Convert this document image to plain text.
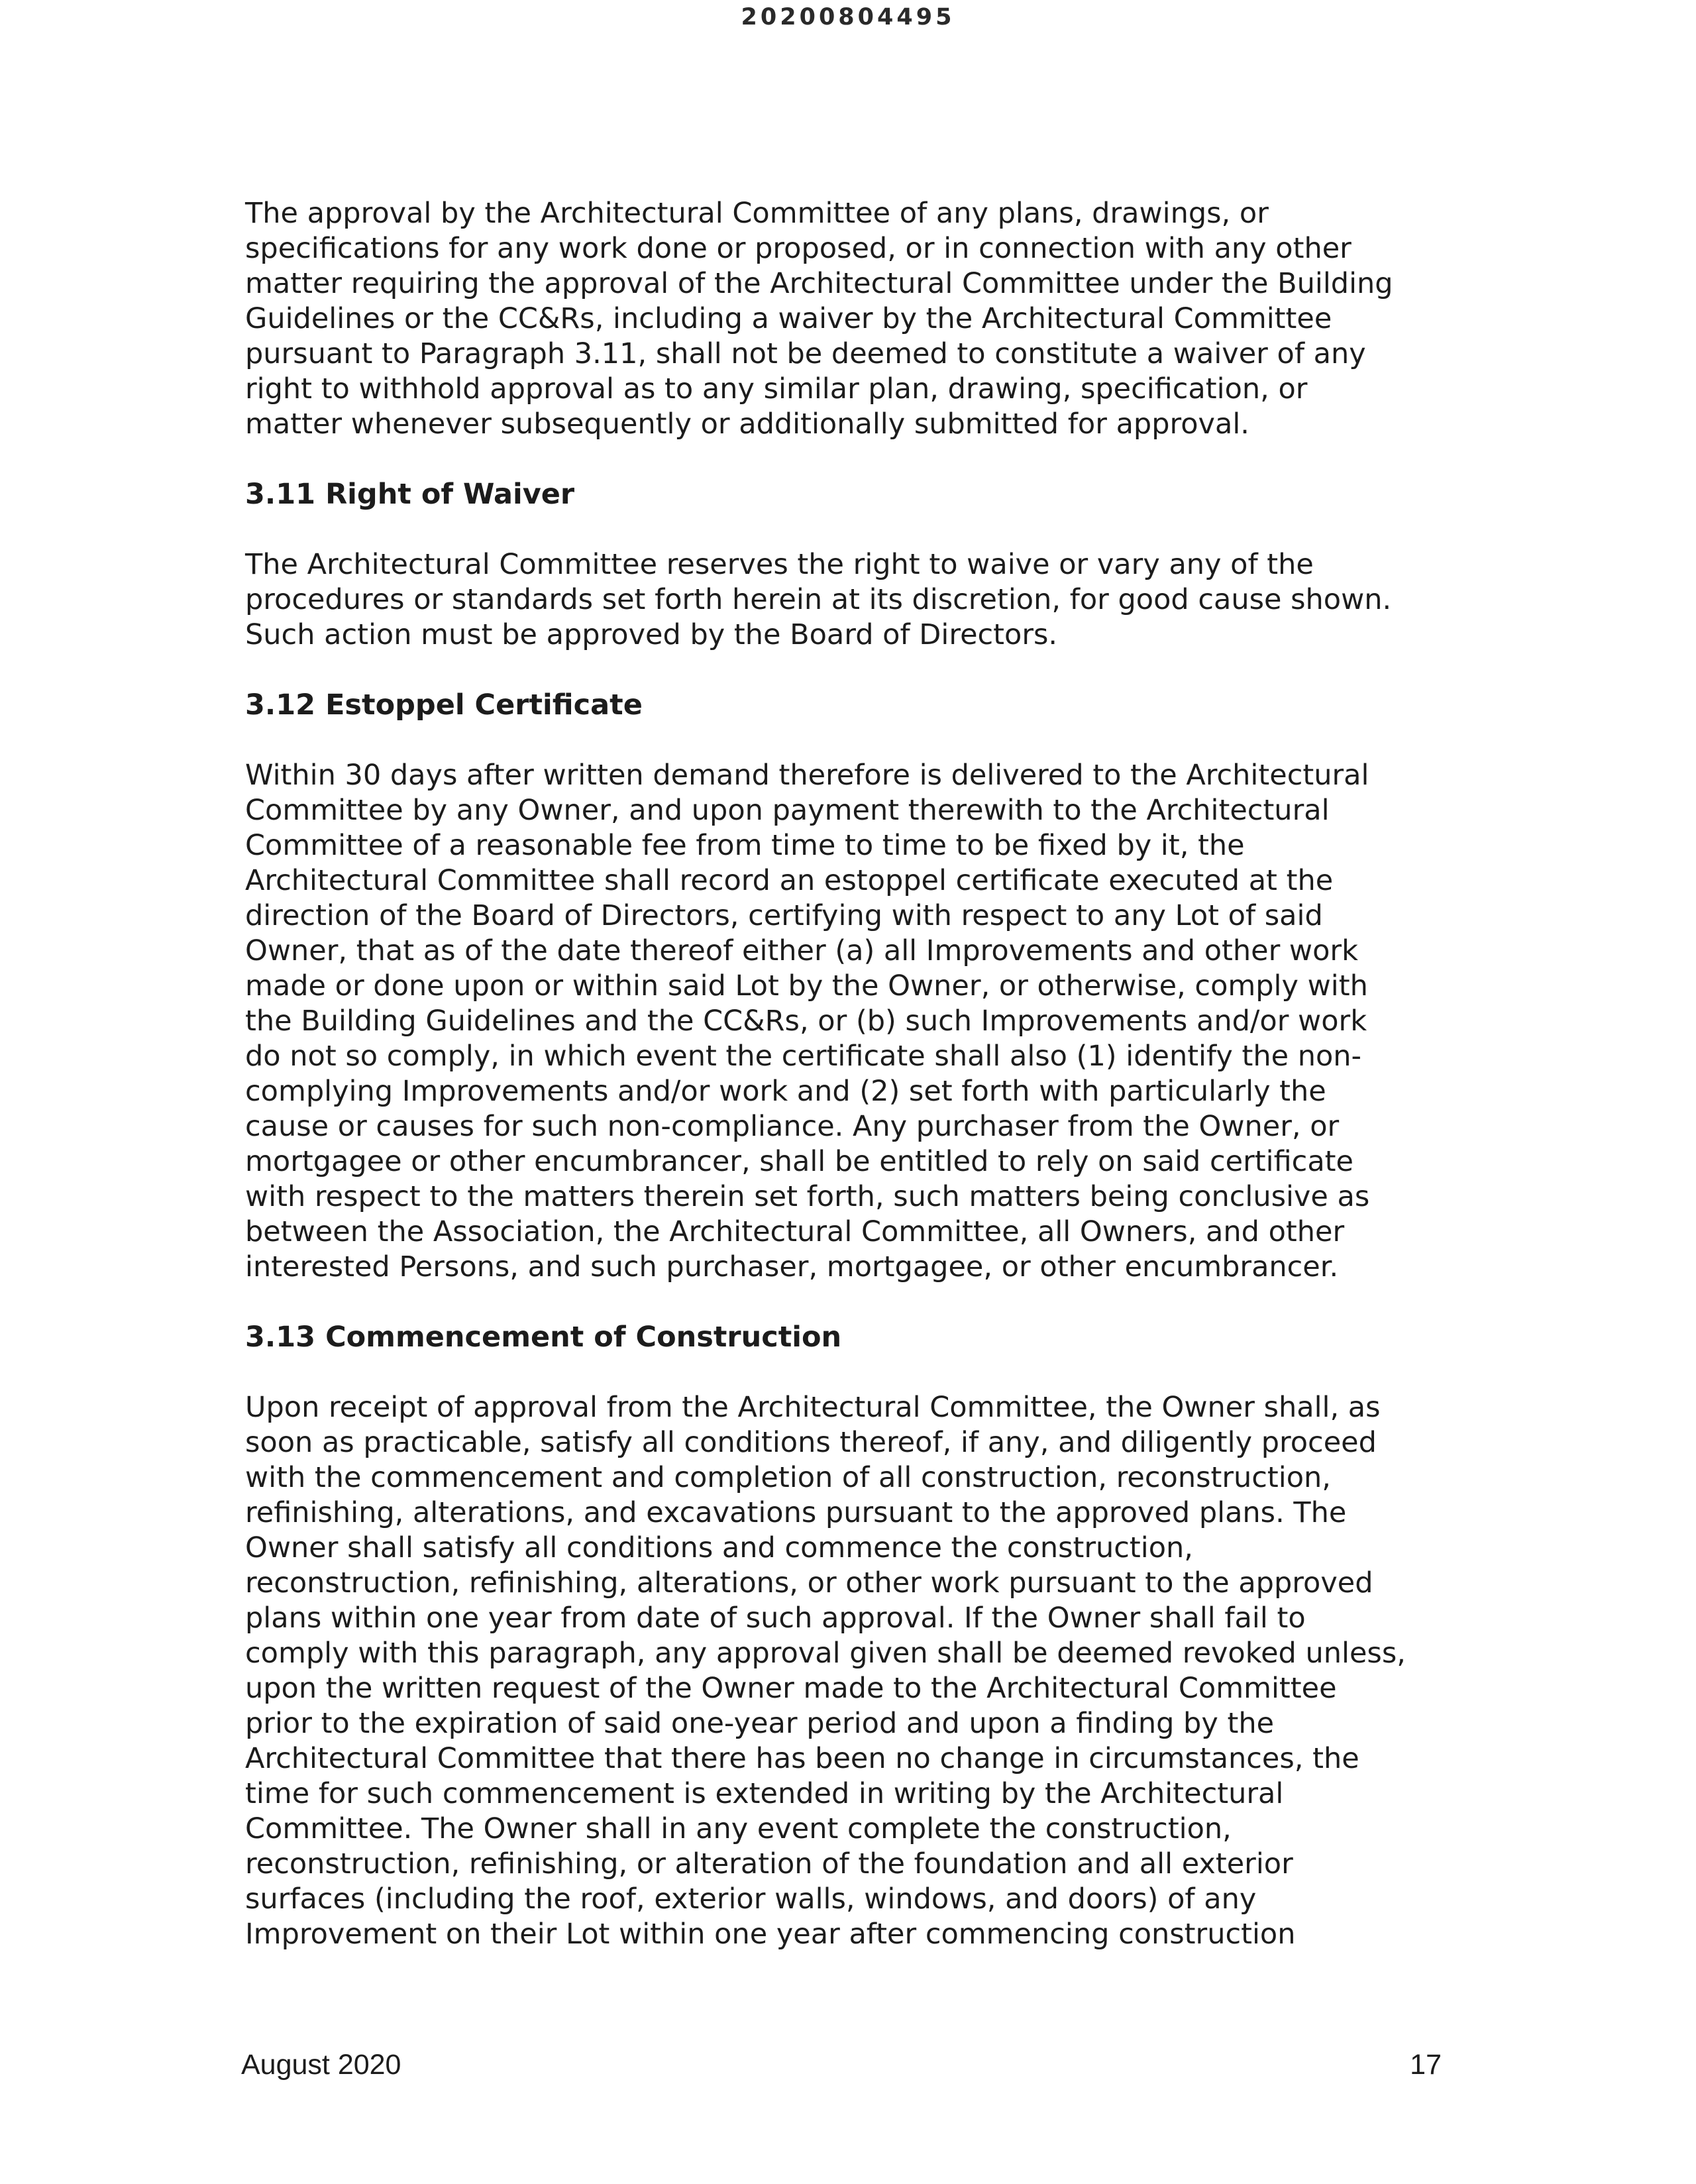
20200804495

The approval by the Architectural Committee of any plans, drawings, or
specifications for any work done or proposed, or in connection with any other
matter requiring the approval of the Architectural Committee under the Building
Guidelines or the CC&Rs, including a waiver by the Architectural Committee
pursuant to Paragraph 3.11, shall not be deemed to constitute a waiver of any
right to withhold approval as to any similar plan, drawing, specification, or
matter whenever subsequently or additionally submitted for approval.

3.11 Right of Waiver

The Architectural Committee reserves the right to waive or vary any of the
procedures or standards set forth herein at its discretion, for good cause shown.
Such action must be approved by the Board of Directors.

3.12 Estoppel Certificate

Within 30 days after written demand therefore is delivered to the Architectural
Committee by any Owner, and upon payment therewith to the Architectural
Committee of a reasonable fee from time to time to be fixed by it, the
Architectural Committee shall record an estoppel certificate executed at the
direction of the Board of Directors, certifying with respect to any Lot of said
Owner, that as of the date thereof either (a) all Improvements and other work
made or done upon or within said Lot by the Owner, or otherwise, comply with
the Building Guidelines and the CC&Rs, or (b) such Improvements and/or work
do not so comply, in which event the certificate shall also (1) identify the non-
complying Improvements and/or work and (2) set forth with particularly the
cause or causes for such non-compliance. Any purchaser from the Owner, or
mortgagee or other encumbrancer, shall be entitled to rely on said certificate
with respect to the matters therein set forth, such matters being conclusive as
between the Association, the Architectural Committee, all Owners, and other
interested Persons, and such purchaser, mortgagee, or other encumbrancer.

3.13 Commencement of Construction

Upon receipt of approval from the Architectural Committee, the Owner shall, as
soon as practicable, satisfy all conditions thereof, if any, and diligently proceed
with the commencement and completion of all construction, reconstruction,
refinishing, alterations, and excavations pursuant to the approved plans. The
Owner shall satisfy all conditions and commence the construction,
reconstruction, refinishing, alterations, or other work pursuant to the approved
plans within one year from date of such approval. If the Owner shall fail to
comply with this paragraph, any approval given shall be deemed revoked unless,
upon the written request of the Owner made to the Architectural Committee
prior to the expiration of said one-year period and upon a finding by the
Architectural Committee that there has been no change in circumstances, the
time for such commencement is extended in writing by the Architectural
Committee. The Owner shall in any event complete the construction,
reconstruction, refinishing, or alteration of the foundation and all exterior
surfaces (including the roof, exterior walls, windows, and doors) of any
Improvement on their Lot within one year after commencing construction

August 2020	17
